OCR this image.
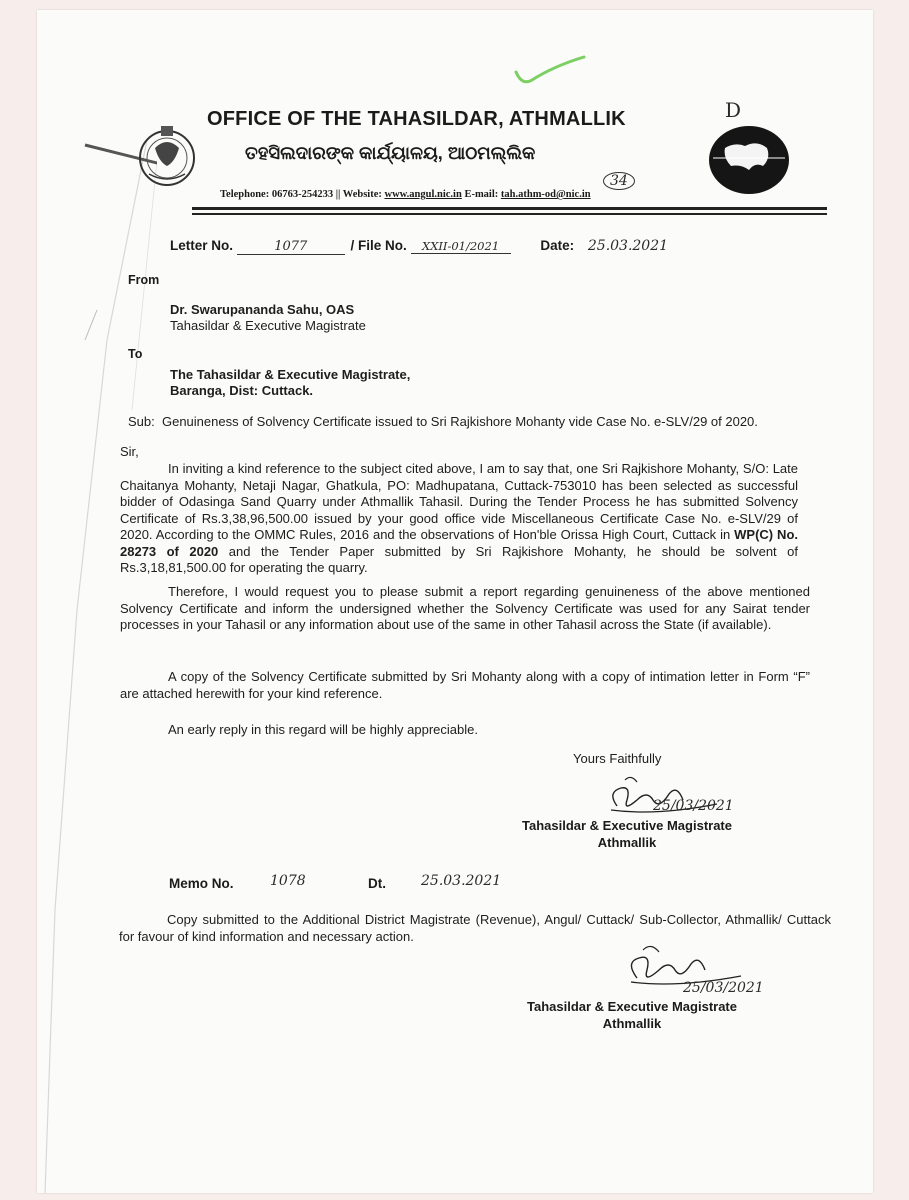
D
OFFICE OF THE TAHASILDAR, ATHMALLIK
ତହସିଲଦାରଙ୍କ କାର୍ଯ୍ୟାଳୟ, ଆଠମଲ୍ଲିକ
34
Telephone: 06763-254233 || Website: www.angul.nic.in E-mail: tah.athm-od@nic.in
Letter No.	1077	/ File No. XXII-01/2021	Date: 25.03.2021
From
Dr. Swarupananda Sahu, OAS
Tahasildar & Executive Magistrate
To
The Tahasildar & Executive Magistrate,
Baranga, Dist: Cuttack.
Sub: Genuineness of Solvency Certificate issued to Sri Rajkishore Mohanty vide Case No. e-SLV/29 of 2020.
Sir,
In inviting a kind reference to the subject cited above, I am to say that, one Sri Rajkishore Mohanty, S/O: Late Chaitanya Mohanty, Netaji Nagar, Ghatkula, PO: Madhupatana, Cuttack-753010 has been selected as successful bidder of Odasinga Sand Quarry under Athmallik Tahasil. During the Tender Process he has submitted Solvency Certificate of Rs.3,38,96,500.00 issued by your good office vide Miscellaneous Certificate Case No. e-SLV/29 of 2020. According to the OMMC Rules, 2016 and the observations of Hon'ble Orissa High Court, Cuttack in WP(C) No. 28273 of 2020 and the Tender Paper submitted by Sri Rajkishore Mohanty, he should be solvent of Rs.3,18,81,500.00 for operating the quarry.
Therefore, I would request you to please submit a report regarding genuineness of the above mentioned Solvency Certificate and inform the undersigned whether the Solvency Certificate was used for any Sairat tender processes in your Tahasil or any information about use of the same in other Tahasil across the State (if available).
A copy of the Solvency Certificate submitted by Sri Mohanty along with a copy of intimation letter in Form “F” are attached herewith for your kind reference.
An early reply in this regard will be highly appreciable.
Yours Faithfully
25/03/2021
Tahasildar & Executive Magistrate
Athmallik
Memo No.	1078	Dt.	25.03.2021
Copy submitted to the Additional District Magistrate (Revenue), Angul/ Cuttack/ Sub-Collector, Athmallik/ Cuttack for favour of kind information and necessary action.
25/03/2021
Tahasildar & Executive Magistrate
Athmallik
